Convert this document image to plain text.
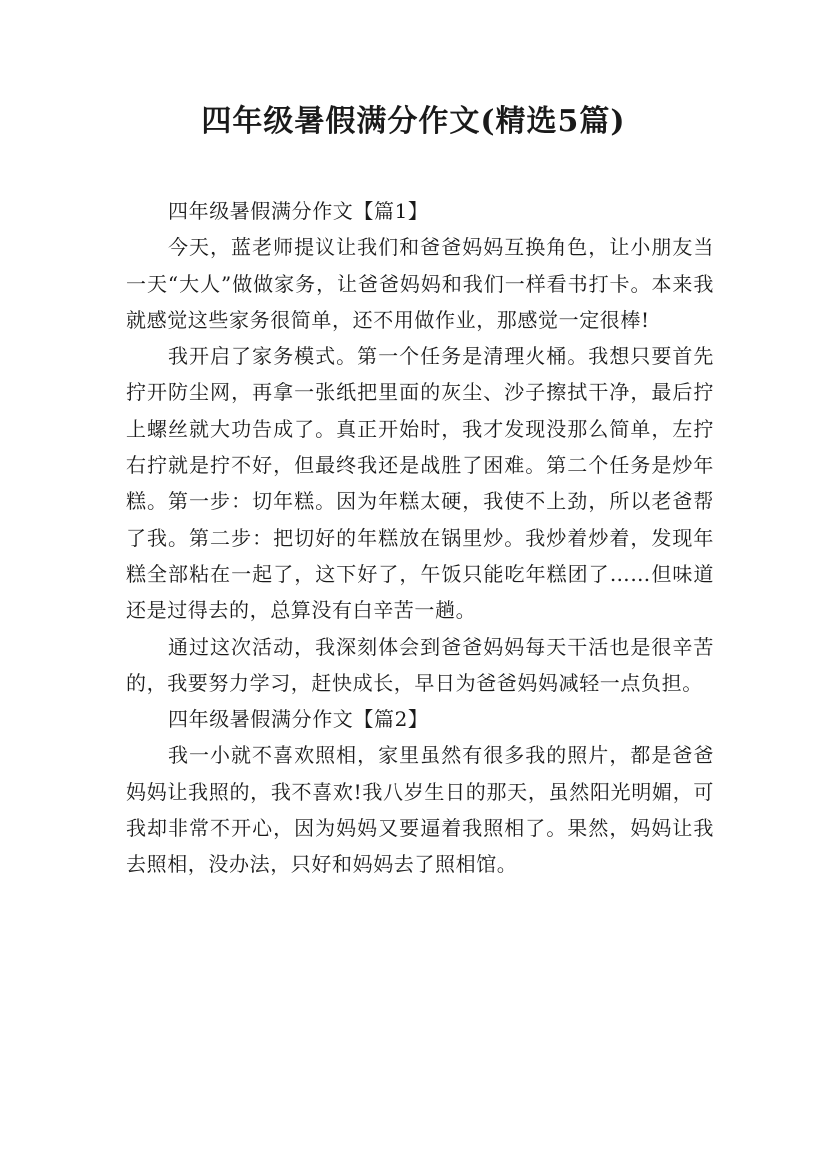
四年级暑假满分作文(精选5篇)
四年级暑假满分作文【篇1】

今天，蓝老师提议让我们和爸爸妈妈互换角色，让小朋友当一天“大人”做做家务，让爸爸妈妈和我们一样看书打卡。本来我就感觉这些家务很简单，还不用做作业，那感觉一定很棒!

我开启了家务模式。第一个任务是清理火桶。我想只要首先拧开防尘网，再拿一张纸把里面的灰尘、沙子擦拭干净，最后拧上螺丝就大功告成了。真正开始时，我才发现没那么简单，左拧右拧就是拧不好，但最终我还是战胜了困难。第二个任务是炒年糕。第一步：切年糕。因为年糕太硬，我使不上劲，所以老爸帮了我。第二步：把切好的年糕放在锅里炒。我炒着炒着，发现年糕全部粘在一起了，这下好了，午饭只能吃年糕团了……但味道还是过得去的，总算没有白辛苦一趟。

通过这次活动，我深刻体会到爸爸妈妈每天干活也是很辛苦的，我要努力学习，赶快成长，早日为爸爸妈妈减轻一点负担。

四年级暑假满分作文【篇2】

我一小就不喜欢照相，家里虽然有很多我的照片，都是爸爸妈妈让我照的，我不喜欢!我八岁生日的那天，虽然阳光明媚，可我却非常不开心，因为妈妈又要逼着我照相了。果然，妈妈让我去照相，没办法，只好和妈妈去了照相馆。
